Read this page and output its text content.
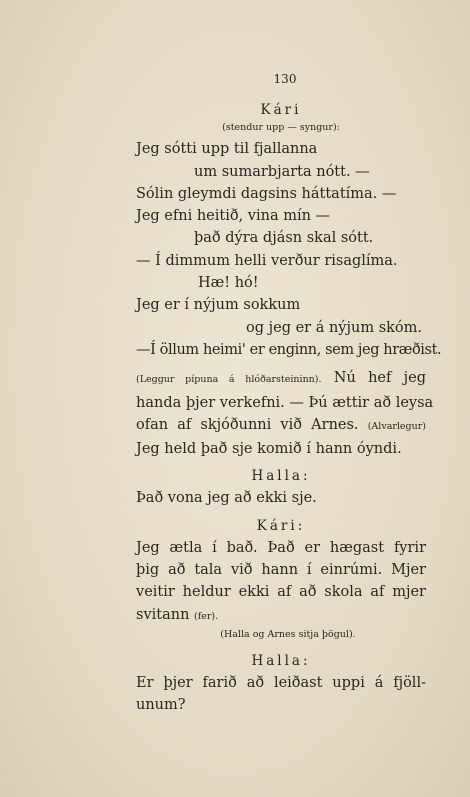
130
Kári
(stendur upp — syngur):
Jeg sótti upp til fjallanna
um sumarbjarta nótt. —
Sólin gleymdi dagsins háttatíma. —
Jeg efni heitið, vina mín —
það dýra djásn skal sótt.
— Í dimmum helli verður risaglíma.
Hæ! hó!
Jeg er í nýjum sokkum
og jeg er á nýjum skóm.
—Í öllum heimi' er enginn, sem jeg hræðist.
(Leggur pípuna á hlóðarsteininn). Nú hef jeg
handa þjer verkefni. — Þú ættir að leysa
ofan af skjóðunni við Arnes. (Alvarlegur)
Jeg held það sje komið í hann óyndi.
Halla:
Það vona jeg að ekki sje.
Kári:
Jeg ætla í bað. Það er hægast fyrir
þig að tala við hann í einrúmi. Mjer
veitir heldur ekki af að skola af mjer
svitann (fer).
(Halla og Arnes sitja þögul).
Halla:
Er þjer farið að leiðast uppi á fjöll-
unum?
